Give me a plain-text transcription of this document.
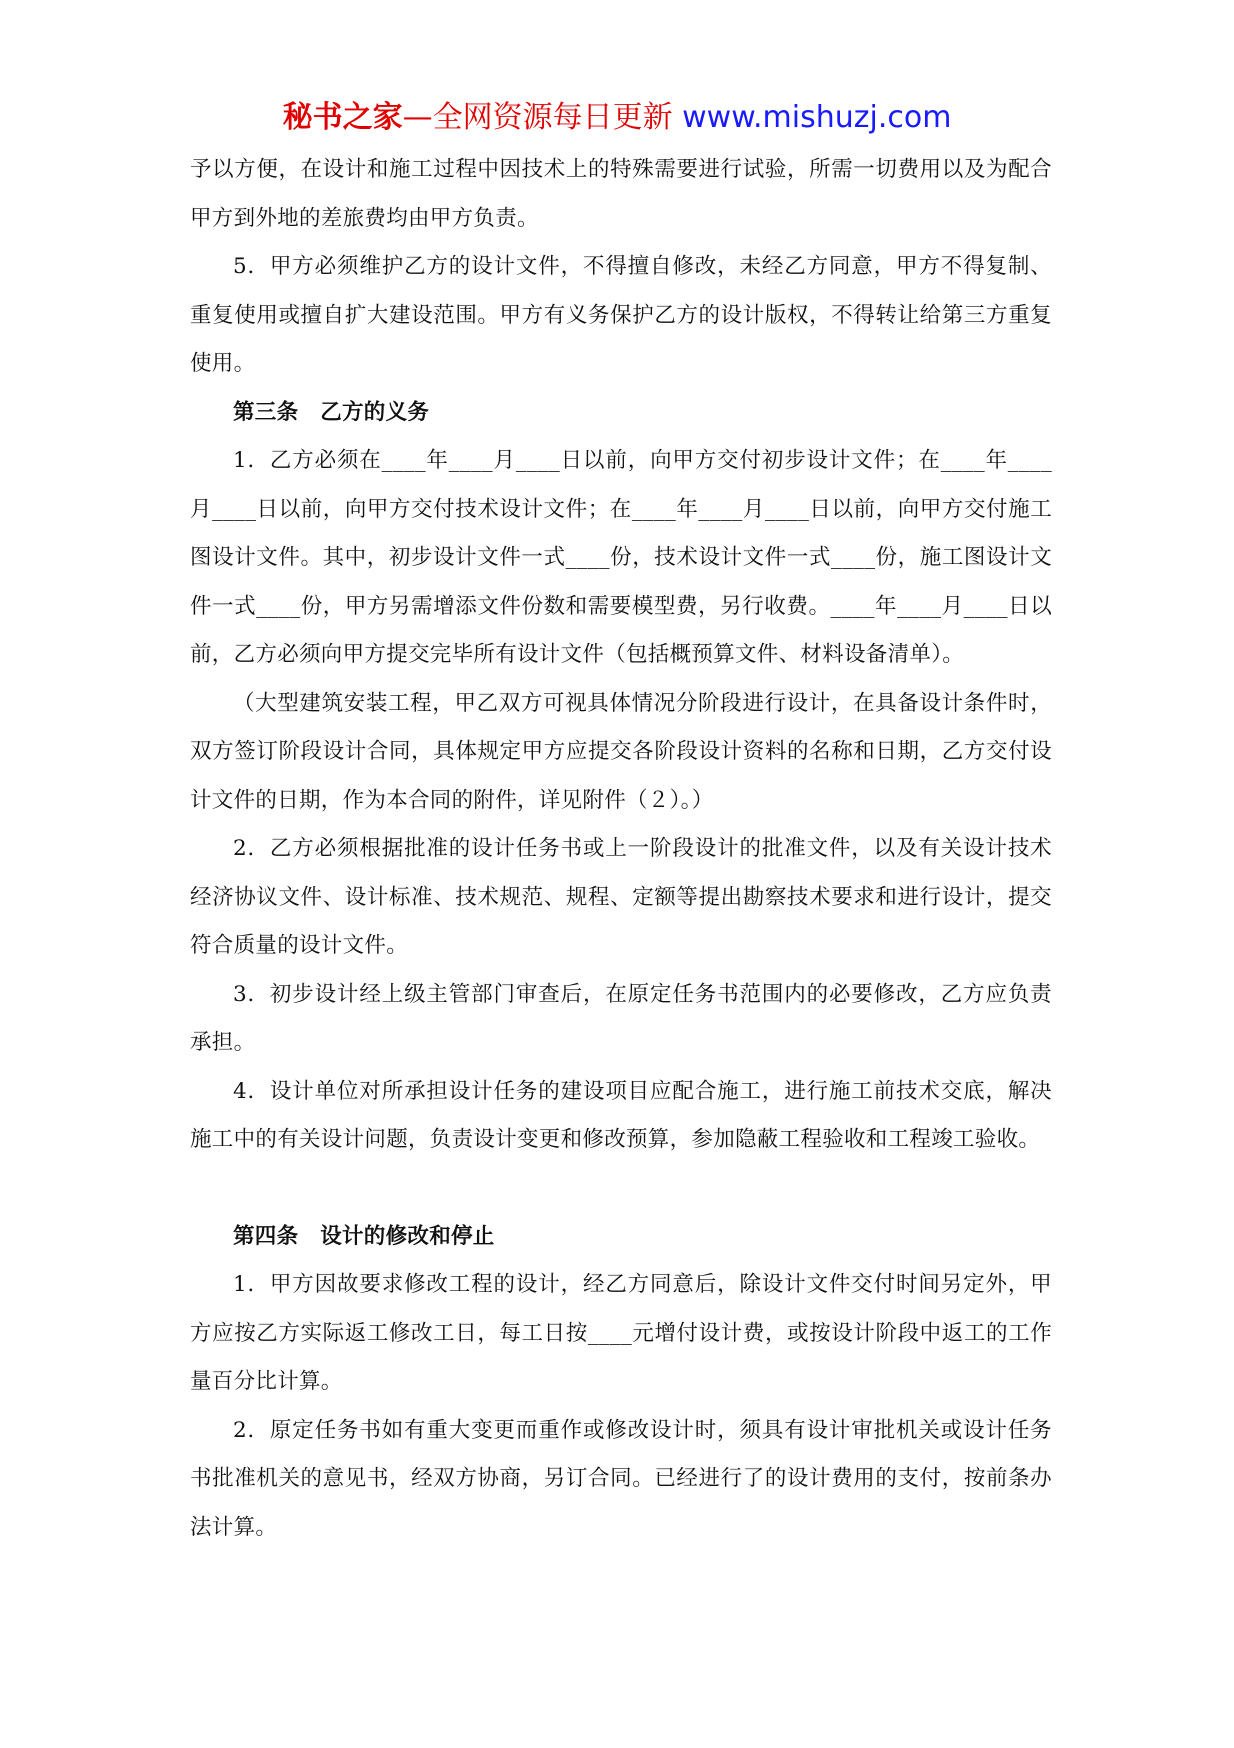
秘书之家—全网资源每日更新 www.mishuzj.com

予以方便，在设计和施工过程中因技术上的特殊需要进行试验，所需一切费用以及为配合甲方到外地的差旅费均由甲方负责。

5．甲方必须维护乙方的设计文件，不得擅自修改，未经乙方同意，甲方不得复制、重复使用或擅自扩大建设范围。甲方有义务保护乙方的设计版权，不得转让给第三方重复使用。

第三条　乙方的义务

1．乙方必须在____年____月____日以前，向甲方交付初步设计文件；在____年____月____日以前，向甲方交付技术设计文件；在____年____月____日以前，向甲方交付施工图设计文件。其中，初步设计文件一式____份，技术设计文件一式____份，施工图设计文件一式____份，甲方另需增添文件份数和需要模型费，另行收费。____年____月____日以前，乙方必须向甲方提交完毕所有设计文件（包括概预算文件、材料设备清单）。

（大型建筑安装工程，甲乙双方可视具体情况分阶段进行设计，在具备设计条件时，双方签订阶段设计合同，具体规定甲方应提交各阶段设计资料的名称和日期，乙方交付设计文件的日期，作为本合同的附件，详见附件（２）。）

2．乙方必须根据批准的设计任务书或上一阶段设计的批准文件，以及有关设计技术经济协议文件、设计标准、技术规范、规程、定额等提出勘察技术要求和进行设计，提交符合质量的设计文件。

3．初步设计经上级主管部门审查后，在原定任务书范围内的必要修改，乙方应负责承担。

4．设计单位对所承担设计任务的建设项目应配合施工，进行施工前技术交底，解决施工中的有关设计问题，负责设计变更和修改预算，参加隐蔽工程验收和工程竣工验收。

第四条　设计的修改和停止

1．甲方因故要求修改工程的设计，经乙方同意后，除设计文件交付时间另定外，甲方应按乙方实际返工修改工日，每工日按____元增付设计费，或按设计阶段中返工的工作量百分比计算。

2．原定任务书如有重大变更而重作或修改设计时，须具有设计审批机关或设计任务书批准机关的意见书，经双方协商，另订合同。已经进行了的设计费用的支付，按前条办法计算。
